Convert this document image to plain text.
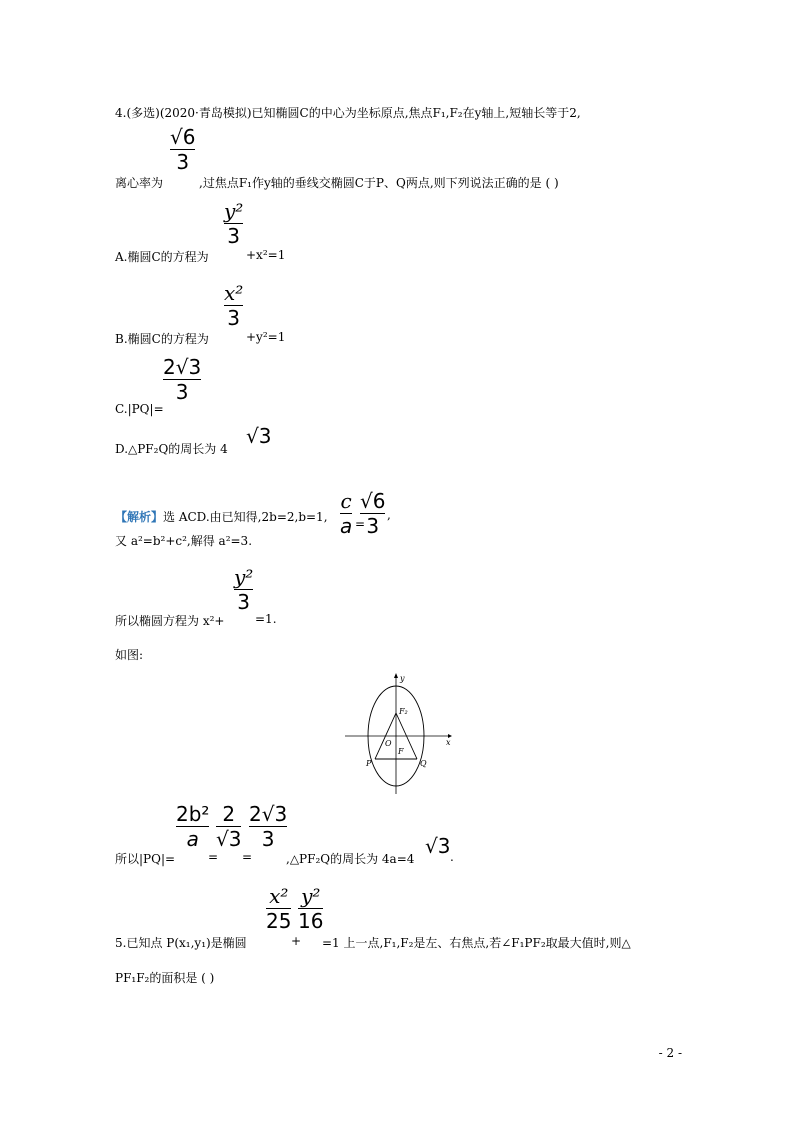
4.(多选)(2020·青岛模拟)已知椭圆C的中心为坐标原点,焦点F₁,F₂在y轴上,短轴长等于2,
√6
3
离心率为	,过焦点F₁作y轴的垂线交椭圆C于P、Q两点,则下列说法正确的是 ( )
y²
3
A.椭圆C的方程为	+x²=1
x²
3
B.椭圆C的方程为	+y²=1
2√3
3
C.|PQ|=
D.△PF₂Q的周长为 4
√3
c
a =
√6
3 ,
【解析】选 ACD.由已知得,2b=2,b=1,
又 a²=b²+c²,解得 a²=3.
y²
3
所以椭圆方程为 x²+	=1.
如图:
y
x
O
F₂
F
P	Q
2b²
a
=
2
√3
=
2√3
3
所以|PQ|=	,△PF₂Q的周长为 4a=4
√3 .
x²
25
+
y²
16
5.已知点 P(x₁,y₁)是椭圆	=1 上一点,F₁,F₂是左、右焦点,若∠F₁PF₂取最大值时,则△
PF₁F₂的面积是 ( )
- 2 -
